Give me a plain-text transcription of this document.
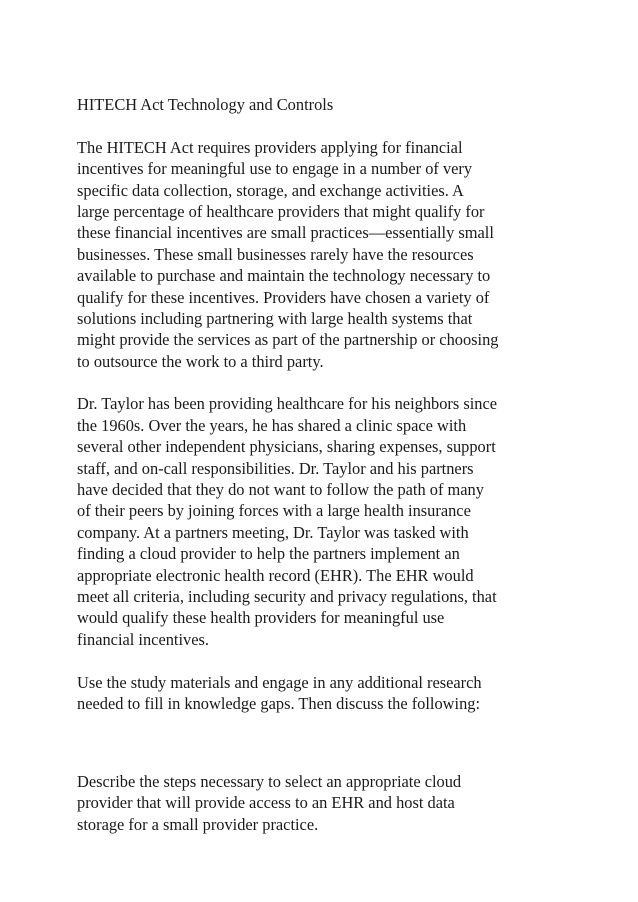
HITECH Act Technology and Controls
The HITECH Act requires providers applying for financial
incentives for meaningful use to engage in a number of very
specific data collection, storage, and exchange activities. A
large percentage of healthcare providers that might qualify for
these financial incentives are small practices—essentially small
businesses. These small businesses rarely have the resources
available to purchase and maintain the technology necessary to
qualify for these incentives. Providers have chosen a variety of
solutions including partnering with large health systems that
might provide the services as part of the partnership or choosing
to outsource the work to a third party.
Dr. Taylor has been providing healthcare for his neighbors since
the 1960s. Over the years, he has shared a clinic space with
several other independent physicians, sharing expenses, support
staff, and on-call responsibilities. Dr. Taylor and his partners
have decided that they do not want to follow the path of many
of their peers by joining forces with a large health insurance
company. At a partners meeting, Dr. Taylor was tasked with
finding a cloud provider to help the partners implement an
appropriate electronic health record (EHR). The EHR would
meet all criteria, including security and privacy regulations, that
would qualify these health providers for meaningful use
financial incentives.
Use the study materials and engage in any additional research
needed to fill in knowledge gaps. Then discuss the following:
Describe the steps necessary to select an appropriate cloud
provider that will provide access to an EHR and host data
storage for a small provider practice.
